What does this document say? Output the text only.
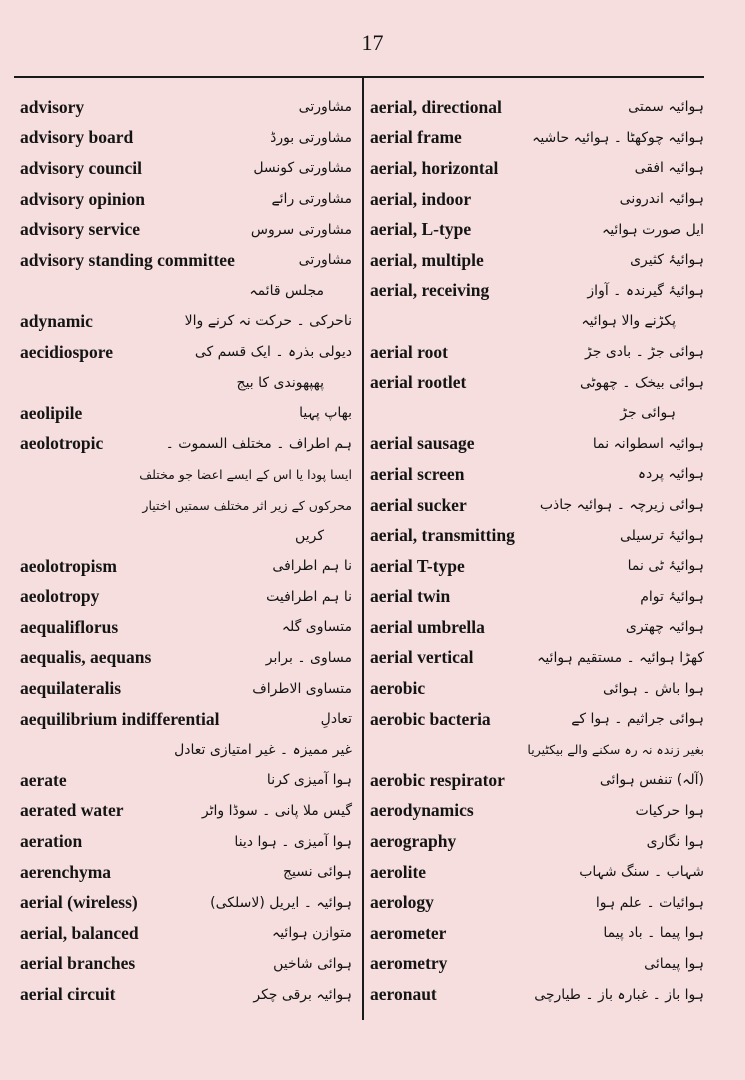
17
advisory	مشاورتی
advisory board	مشاورتی بورڈ
advisory council	مشاورتی کونسل
advisory opinion	مشاورتی رائے
advisory service	مشاورتی سروس
advisory standing committee	مشاورتی
مجلس قائمہ
adynamic	ناحرکی ۔ حرکت نہ کرنے والا
aecidiospore	دیولی بذرہ ۔ ایک قسم کی
پھپھوندی کا بیج
aeolipile	بھاپ پہیا
aeolotropic	ہم اطراف ۔ مختلف السموت ۔
ایسا پودا یا اس کے ایسے اعضا جو مختلف
محرکوں کے زیر اثر مختلف سمتیں اختیار
کریں
aeolotropism	نا ہم اطرافی
aeolotropy	نا ہم اطرافیت
aequaliflorus	متساوی گلہ
aequalis, aequans	مساوی ۔ برابر
aequilateralis	متساوی الاطراف
aequilibrium indifferential	تعادلِ
غیر ممیزہ ۔ غیر امتیازی تعادل
aerate	ہوا آمیزی کرنا
aerated water	گیس ملا پانی ۔ سوڈا واٹر
aeration	ہوا آمیزی ۔ ہوا دینا
aerenchyma	ہوائی نسیج
aerial (wireless)	ہوائیہ ۔ ایریل (لاسلکی)
aerial, balanced	متوازن ہوائیہ
aerial branches	ہوائی شاخیں
aerial circuit	ہوائیہ برقی چکر
aerial, directional	ہوائیہ سمتی
aerial frame	ہوائیہ چوکھٹا ۔ ہوائیہ حاشیہ
aerial, horizontal	ہوائیہ افقی
aerial, indoor	ہوائیہ اندرونی
aerial, L-type	ایل صورت ہوائیہ
aerial, multiple	ہوائیۂ کثیری
aerial, receiving	ہوائیۂ گیرندہ ۔ آواز
پکڑنے والا ہوائیہ
aerial root	ہوائی جڑ ۔ بادی جڑ
aerial rootlet	ہوائی بیخک ۔ چھوٹی
ہوائی جڑ
aerial sausage	ہوائیہ اسطوانہ نما
aerial screen	ہوائیہ پردہ
aerial sucker	ہوائی زیرچہ ۔ ہوائیہ جاذب
aerial, transmitting	ہوائیۂ ترسیلی
aerial T-type	ہوائیۂ ٹی نما
aerial twin	ہوائیۂ توام
aerial umbrella	ہوائیہ چھتری
aerial vertical	کھڑا ہوائیہ ۔ مستقیم ہوائیہ
aerobic	ہوا باش ۔ ہوائی
aerobic bacteria	ہوائی جراثیم ۔ ہوا کے
بغیر زندہ نہ رہ سکنے والے بیکٹیریا
aerobic respirator	(آلہ) تنفس ہوائی
aerodynamics	ہوا حرکیات
aerography	ہوا نگاری
aerolite	شہاب ۔ سنگ شہاب
aerology	ہوائیات ۔ علم ہوا
aerometer	ہوا پیما ۔ باد پیما
aerometry	ہوا پیمائی
aeronaut	ہوا باز ۔ غبارہ باز ۔ طیارچی
